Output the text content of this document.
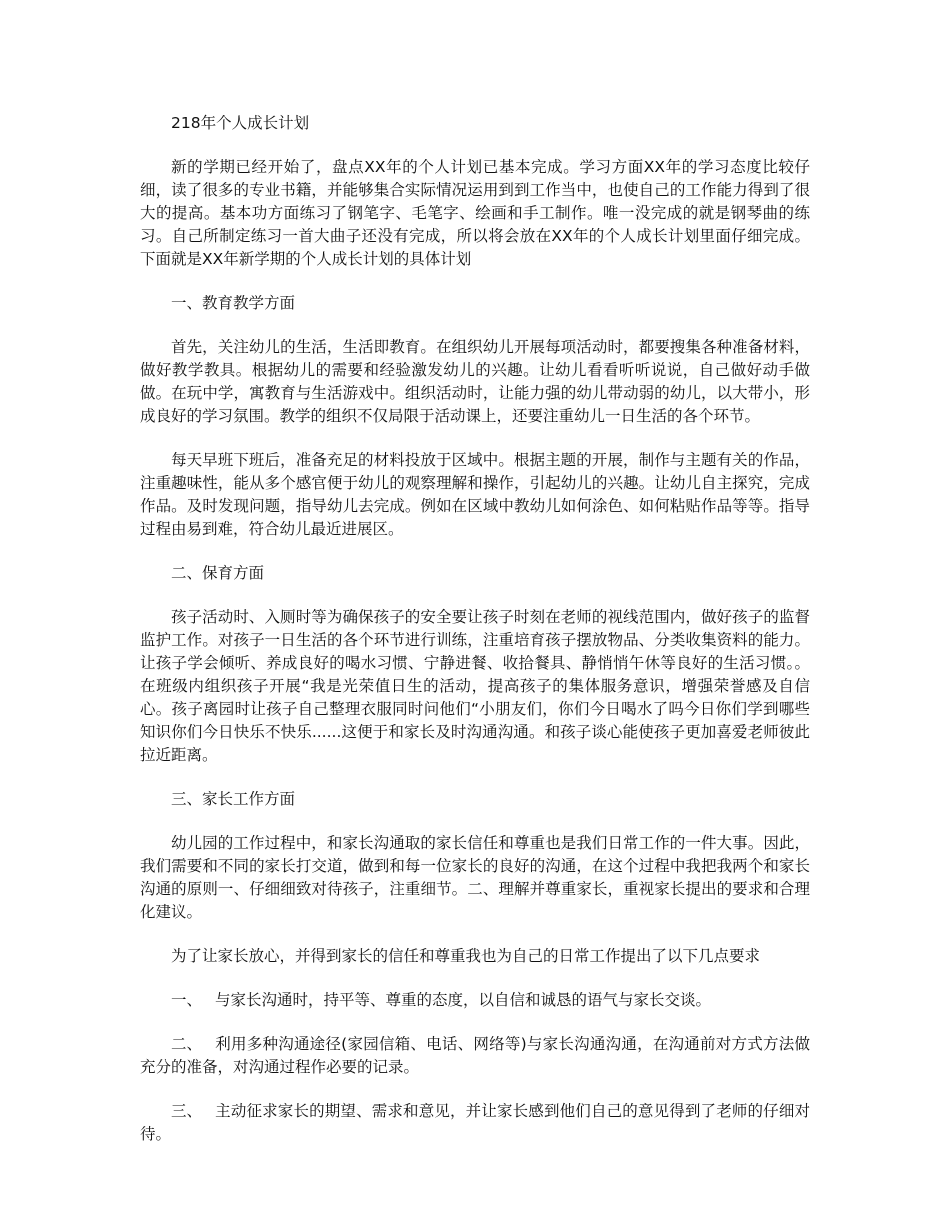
218年个人成长计划

新的学期已经开始了，盘点XX年的个人计划已基本完成。学习方面XX年的学习态度比较仔细，读了很多的专业书籍，并能够集合实际情况运用到到工作当中，也使自己的工作能力得到了很大的提高。基本功方面练习了钢笔字、毛笔字、绘画和手工制作。唯一没完成的就是钢琴曲的练习。自己所制定练习一首大曲子还没有完成，所以将会放在XX年的个人成长计划里面仔细完成。下面就是XX年新学期的个人成长计划的具体计划

一、教育教学方面

首先，关注幼儿的生活，生活即教育。在组织幼儿开展每项活动时，都要搜集各种准备材料，做好教学教具。根据幼儿的需要和经验激发幼儿的兴趣。让幼儿看看听听说说，自己做好动手做做。在玩中学，寓教育与生活游戏中。组织活动时，让能力强的幼儿带动弱的幼儿，以大带小，形成良好的学习氛围。教学的组织不仅局限于活动课上，还要注重幼儿一日生活的各个环节。

每天早班下班后，准备充足的材料投放于区域中。根据主题的开展，制作与主题有关的作品，注重趣味性，能从多个感官便于幼儿的观察理解和操作，引起幼儿的兴趣。让幼儿自主探究，完成作品。及时发现问题，指导幼儿去完成。例如在区域中教幼儿如何涂色、如何粘贴作品等等。指导过程由易到难，符合幼儿最近进展区。

二、保育方面

孩子活动时、入厕时等为确保孩子的安全要让孩子时刻在老师的视线范围内，做好孩子的监督监护工作。对孩子一日生活的各个环节进行训练，注重培育孩子摆放物品、分类收集资料的能力。让孩子学会倾听、养成良好的喝水习惯、宁静进餐、收拾餐具、静悄悄午休等良好的生活习惯。。在班级内组织孩子开展“我是光荣值日生的活动，提高孩子的集体服务意识，增强荣誉感及自信心。孩子离园时让孩子自己整理衣服同时问他们“小朋友们，你们今日喝水了吗今日你们学到哪些知识你们今日快乐不快乐......这便于和家长及时沟通沟通。和孩子谈心能使孩子更加喜爱老师彼此拉近距离。

三、家长工作方面

幼儿园的工作过程中，和家长沟通取的家长信任和尊重也是我们日常工作的一件大事。因此，我们需要和不同的家长打交道，做到和每一位家长的良好的沟通，在这个过程中我把我两个和家长沟通的原则一、仔细细致对待孩子，注重细节。二、理解并尊重家长，重视家长提出的要求和合理化建议。

为了让家长放心，并得到家长的信任和尊重我也为自己的日常工作提出了以下几点要求

一、 与家长沟通时，持平等、尊重的态度，以自信和诚恳的语气与家长交谈。

二、 利用多种沟通途径(家园信箱、电话、网络等)与家长沟通沟通，在沟通前对方式方法做充分的准备，对沟通过程作必要的记录。

三、 主动征求家长的期望、需求和意见，并让家长感到他们自己的意见得到了老师的仔细对待。
